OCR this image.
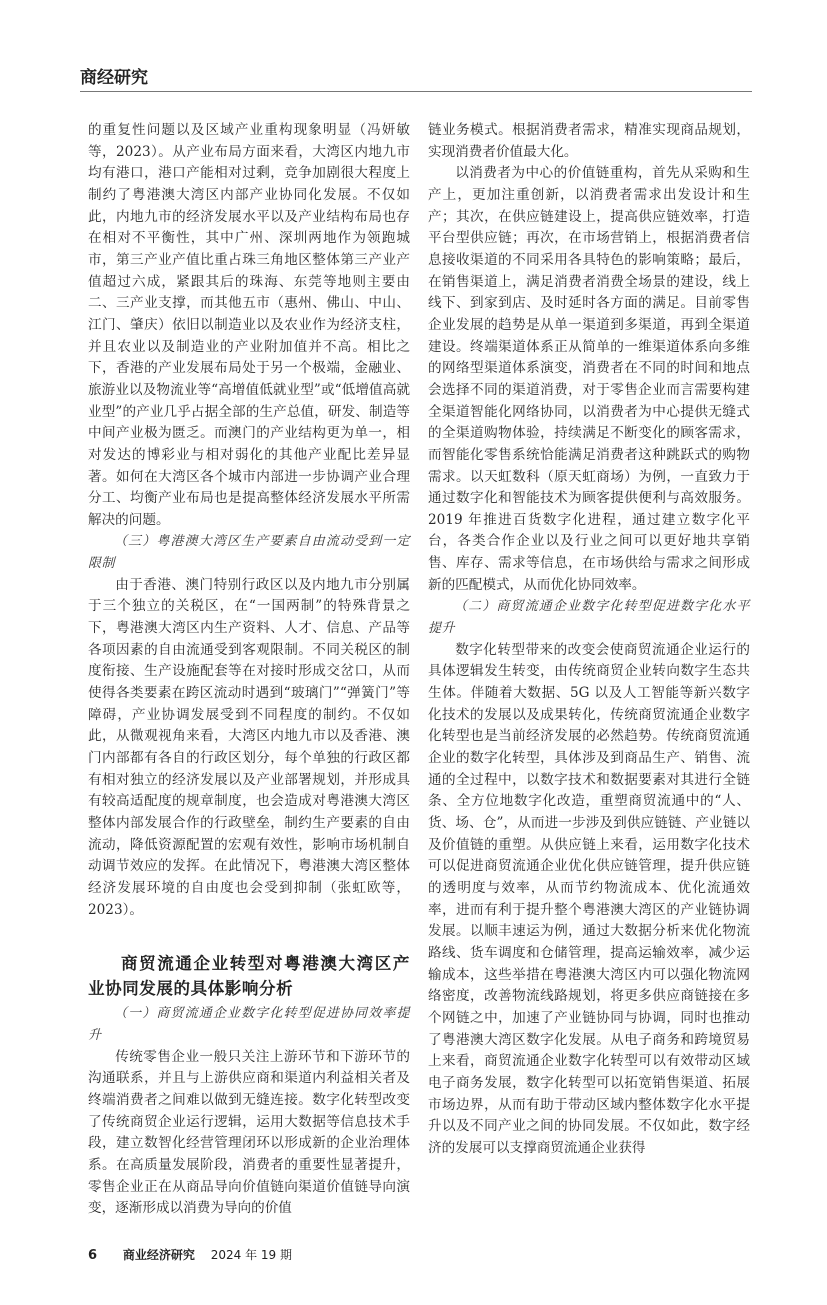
商经研究

的重复性问题以及区域产业重构现象明显（冯妍敏等，2023）。从产业布局方面来看，大湾区内地九市均有港口，港口产能相对过剩，竞争加剧很大程度上制约了粤港澳大湾区内部产业协同化发展。不仅如此，内地九市的经济发展水平以及产业结构布局也存在相对不平衡性，其中广州、深圳两地作为领跑城市，第三产业产值比重占珠三角地区整体第三产业产值超过六成，紧跟其后的珠海、东莞等地则主要由二、三产业支撑，而其他五市（惠州、佛山、中山、江门、肇庆）依旧以制造业以及农业作为经济支柱，并且农业以及制造业的产业附加值并不高。相比之下，香港的产业发展布局处于另一个极端，金融业、旅游业以及物流业等“高增值低就业型”或“低增值高就业型”的产业几乎占据全部的生产总值，研发、制造等中间产业极为匮乏。而澳门的产业结构更为单一，相对发达的博彩业与相对弱化的其他产业配比差异显著。如何在大湾区各个城市内部进一步协调产业合理分工、均衡产业布局也是提高整体经济发展水平所需解决的问题。

（三）粤港澳大湾区生产要素自由流动受到一定限制

由于香港、澳门特别行政区以及内地九市分别属于三个独立的关税区，在“一国两制”的特殊背景之下，粤港澳大湾区内生产资料、人才、信息、产品等各项因素的自由流通受到客观限制。不同关税区的制度衔接、生产设施配套等在对接时形成交岔口，从而使得各类要素在跨区流动时遇到“玻璃门”“弹簧门”等障碍，产业协调发展受到不同程度的制约。不仅如此，从微观视角来看，大湾区内地九市以及香港、澳门内部都有各自的行政区划分，每个单独的行政区都有相对独立的经济发展以及产业部署规划，并形成具有较高适配度的规章制度，也会造成对粤港澳大湾区整体内部发展合作的行政壁垒，制约生产要素的自由流动，降低资源配置的宏观有效性，影响市场机制自动调节效应的发挥。在此情况下，粤港澳大湾区整体经济发展环境的自由度也会受到抑制（张虹欧等，2023）。

商贸流通企业转型对粤港澳大湾区产业协同发展的具体影响分析

（一）商贸流通企业数字化转型促进协同效率提升

传统零售企业一般只关注上游环节和下游环节的沟通联系，并且与上游供应商和渠道内利益相关者及终端消费者之间难以做到无缝连接。数字化转型改变了传统商贸企业运行逻辑，运用大数据等信息技术手段，建立数智化经营管理闭环以形成新的企业治理体系。在高质量发展阶段，消费者的重要性显著提升，零售企业正在从商品导向价值链向渠道价值链导向演变，逐渐形成以消费为导向的价值

链业务模式。根据消费者需求，精准实现商品规划，实现消费者价值最大化。

以消费者为中心的价值链重构，首先从采购和生产上，更加注重创新，以消费者需求出发设计和生产；其次，在供应链建设上，提高供应链效率，打造平台型供应链；再次，在市场营销上，根据消费者信息接收渠道的不同采用各具特色的影响策略；最后，在销售渠道上，满足消费者消费全场景的建设，线上线下、到家到店、及时延时各方面的满足。目前零售企业发展的趋势是从单一渠道到多渠道，再到全渠道建设。终端渠道体系正从简单的一维渠道体系向多维的网络型渠道体系演变，消费者在不同的时间和地点会选择不同的渠道消费，对于零售企业而言需要构建全渠道智能化网络协同，以消费者为中心提供无缝式的全渠道购物体验，持续满足不断变化的顾客需求，而智能化零售系统恰能满足消费者这种跳跃式的购物需求。以天虹数科（原天虹商场）为例，一直致力于通过数字化和智能技术为顾客提供便利与高效服务。2019 年推进百货数字化进程，通过建立数字化平台，各类合作企业以及行业之间可以更好地共享销售、库存、需求等信息，在市场供给与需求之间形成新的匹配模式，从而优化协同效率。

（二）商贸流通企业数字化转型促进数字化水平提升

数字化转型带来的改变会使商贸流通企业运行的具体逻辑发生转变，由传统商贸企业转向数字生态共生体。伴随着大数据、5G 以及人工智能等新兴数字化技术的发展以及成果转化，传统商贸流通企业数字化转型也是当前经济发展的必然趋势。传统商贸流通企业的数字化转型，具体涉及到商品生产、销售、流通的全过程中，以数字技术和数据要素对其进行全链条、全方位地数字化改造，重塑商贸流通中的“人、货、场、仓”，从而进一步涉及到供应链链、产业链以及价值链的重塑。从供应链上来看，运用数字化技术可以促进商贸流通企业优化供应链管理，提升供应链的透明度与效率，从而节约物流成本、优化流通效率，进而有利于提升整个粤港澳大湾区的产业链协调发展。以顺丰速运为例，通过大数据分析来优化物流路线、货车调度和仓储管理，提高运输效率，减少运输成本，这些举措在粤港澳大湾区内可以强化物流网络密度，改善物流线路规划，将更多供应商链接在多个网链之中，加速了产业链协同与协调，同时也推动了粤港澳大湾区数字化发展。从电子商务和跨境贸易上来看，商贸流通企业数字化转型可以有效带动区域电子商务发展，数字化转型可以拓宽销售渠道、拓展市场边界，从而有助于带动区域内整体数字化水平提升以及不同产业之间的协同发展。不仅如此，数字经济的发展可以支撑商贸流通企业获得

6 商业经济研究 2024 年 19 期
